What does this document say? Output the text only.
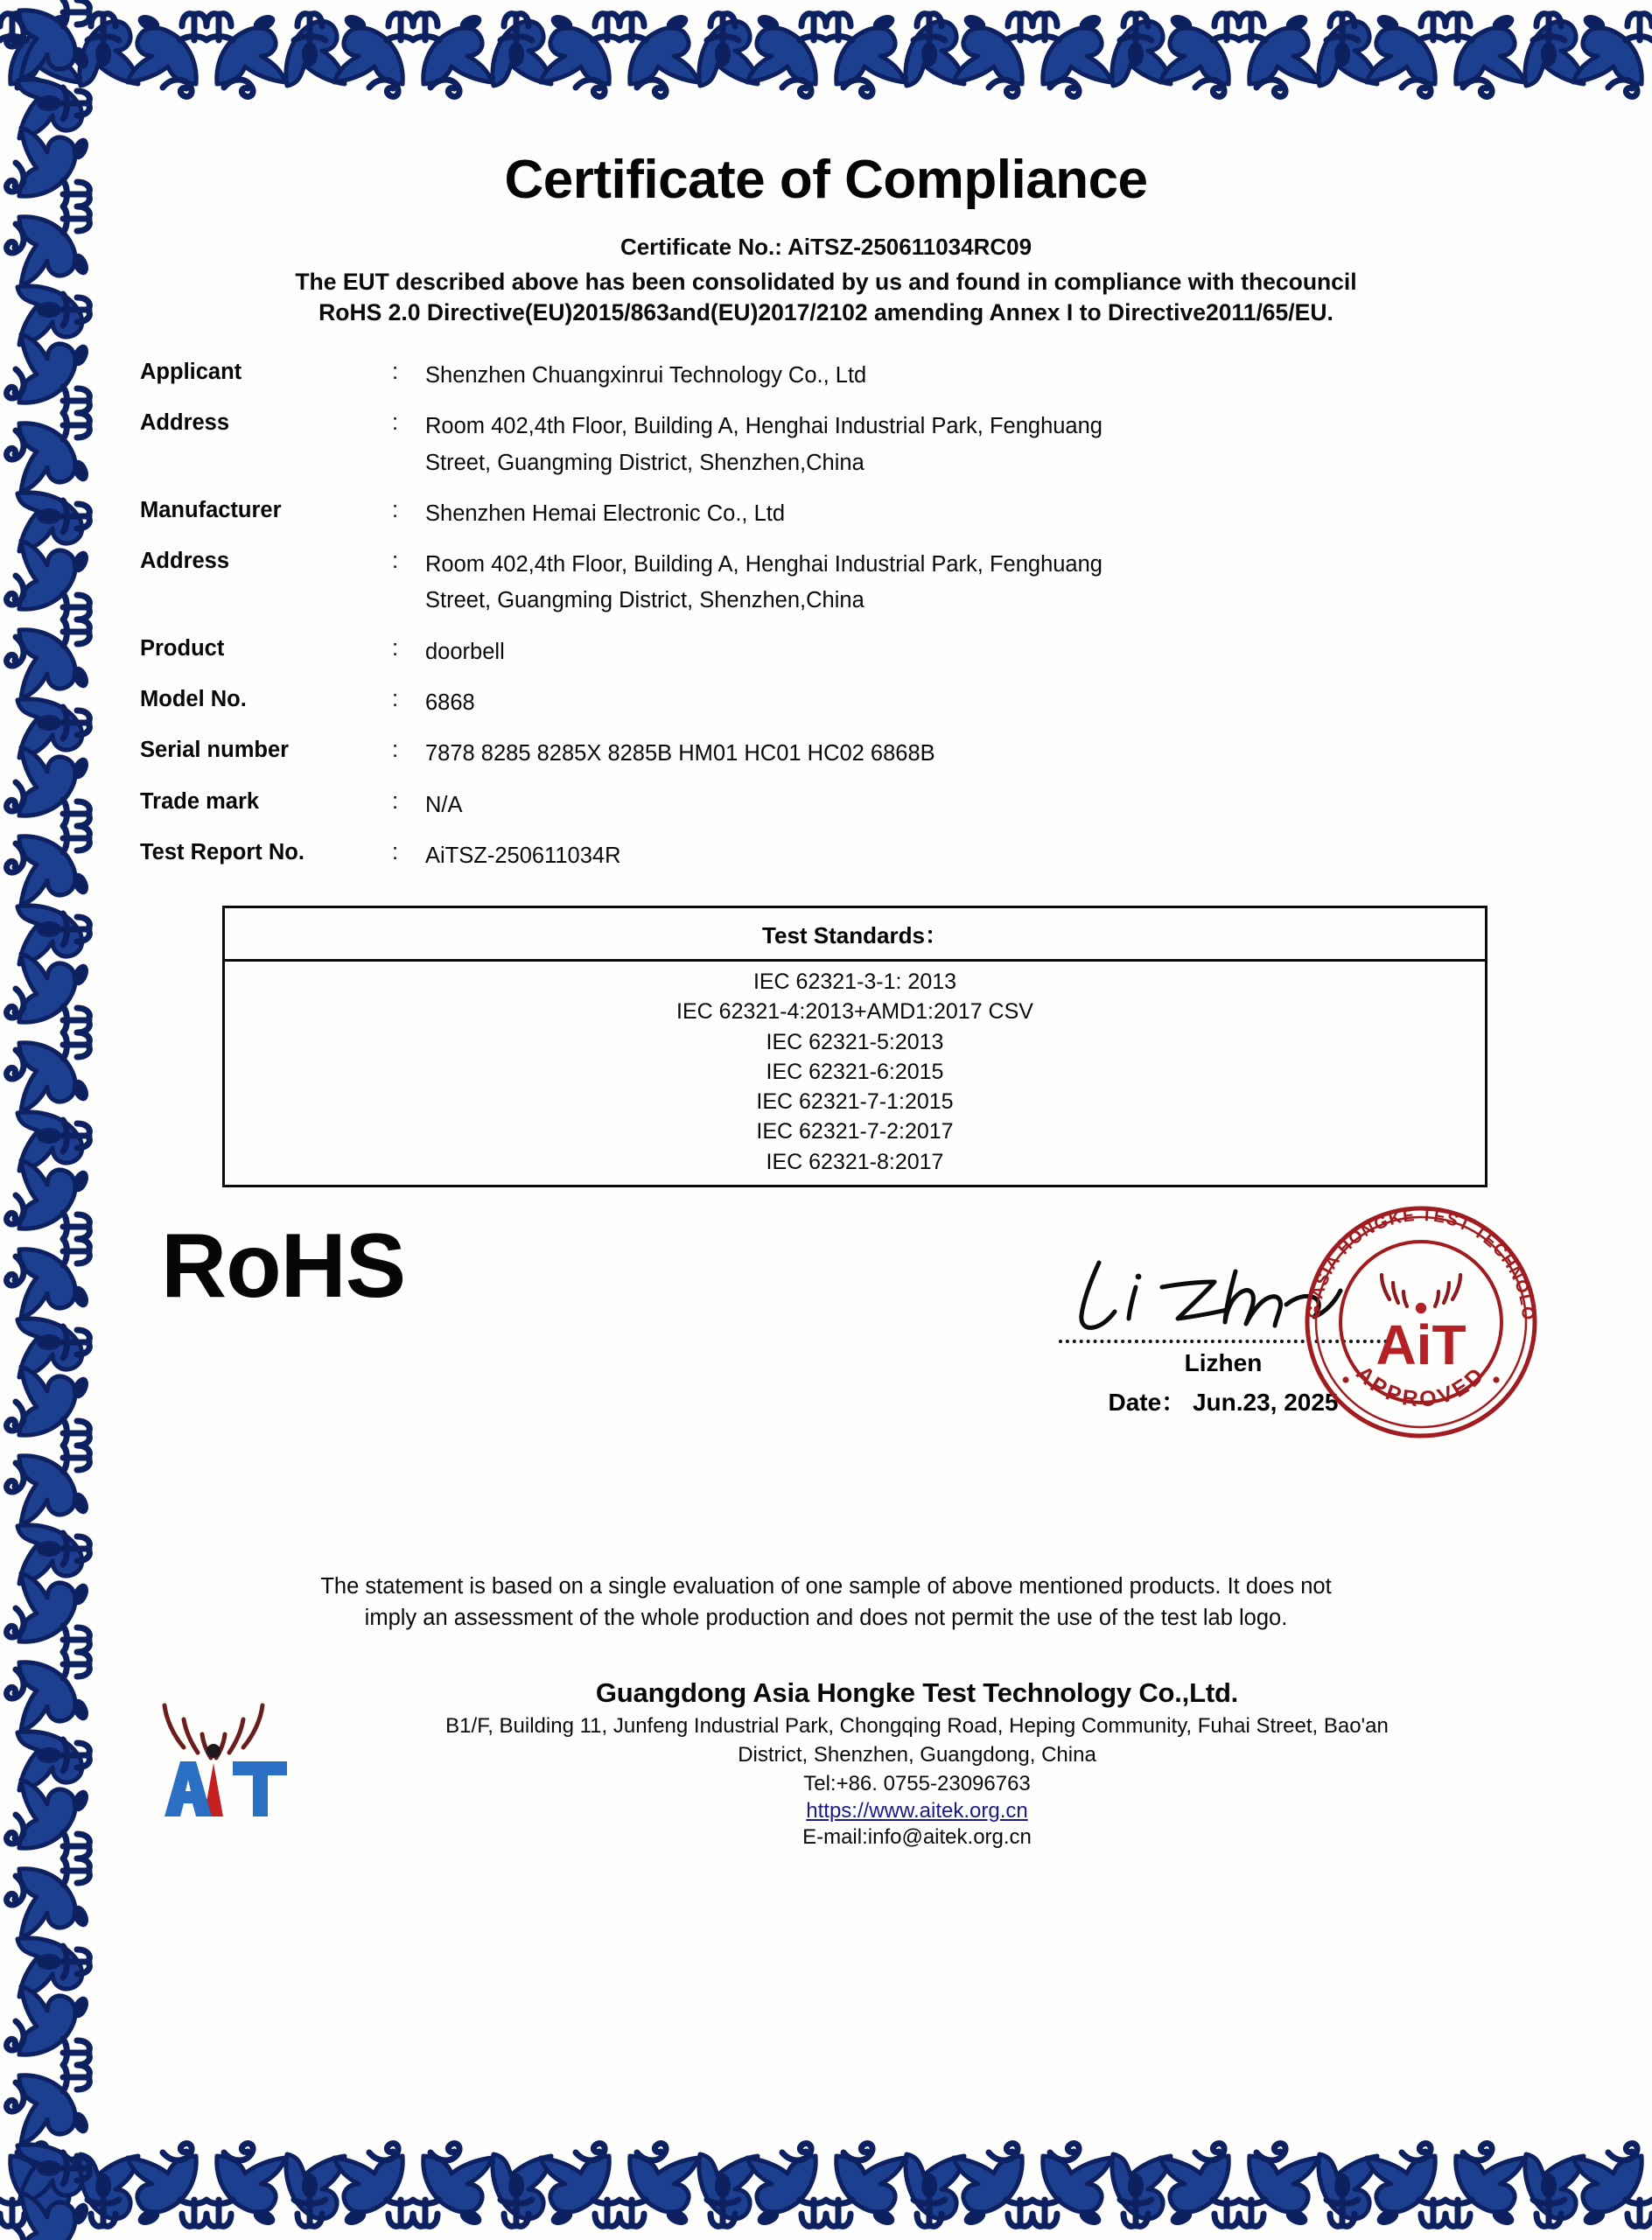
Certificate of Compliance
Certificate No.: AiTSZ-250611034RC09
The EUT described above has been consolidated by us and found in compliance with thecouncil
RoHS 2.0 Directive(EU)2015/863and(EU)2017/2102 amending Annex I to Directive2011/65/EU.
Applicant	:	Shenzhen Chuangxinrui Technology Co., Ltd
Address	:	Room 402,4th Floor, Building A, Henghai Industrial Park, Fenghuang
Street, Guangming District, Shenzhen,China
Manufacturer	:	Shenzhen Hemai Electronic Co., Ltd
Address	:	Room 402,4th Floor, Building A, Henghai Industrial Park, Fenghuang
Street, Guangming District, Shenzhen,China
Product	:	doorbell
Model No.	:	6868
Serial number	:	7878 8285 8285X 8285B HM01 HC01 HC02 6868B
Trade mark	:	N/A
Test Report No.	:	AiTSZ-250611034R
Test Standards：
IEC 62321-3-1: 2013
IEC 62321-4:2013+AMD1:2017 CSV
IEC 62321-5:2013
IEC 62321-6:2015
IEC 62321-7-1:2015
IEC 62321-7-2:2017
IEC 62321-8:2017
RoHS
Lizhen
Date： Jun.23, 2025
G ASIA HONGKE TEST TECHNOLO
APPROVED
AiT
The statement is based on a single evaluation of one sample of above mentioned products. It does not
imply an assessment of the whole production and does not permit the use of the test lab logo.
Guangdong Asia Hongke Test Technology Co.,Ltd.
B1/F, Building 11, Junfeng Industrial Park, Chongqing Road, Heping Community, Fuhai Street, Bao'an
District, Shenzhen, Guangdong, China
Tel:+86. 0755-23096763
https://www.aitek.org.cn
E-mail:info@aitek.org.cn
